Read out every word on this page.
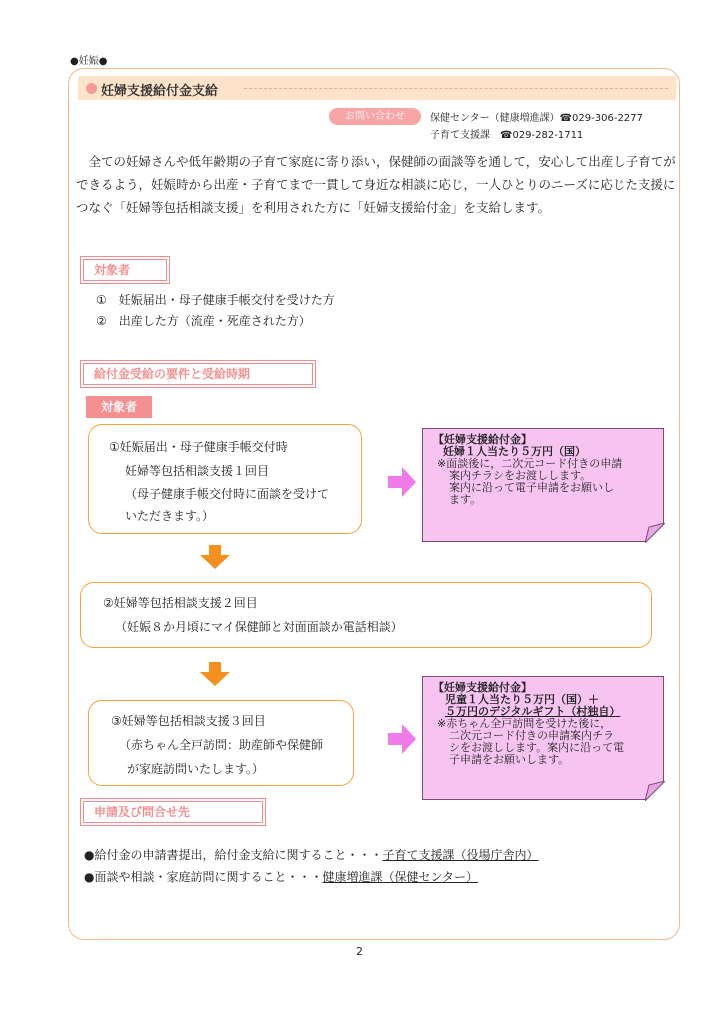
●妊娠●
妊婦支援給付金支給
お問い合わせ	保健センター（健康増進課）☎029-306-2277
子育て支援課　☎029-282-1711
全ての妊婦さんや低年齢期の子育て家庭に寄り添い，保健師の面談等を通して，安心して出産し子育てができるよう，妊娠時から出産・子育てまで一貫して身近な相談に応じ，一人ひとりのニーズに応じた支援につなぐ「妊婦等包括相談支援」を利用された方に「妊婦支援給付金」を支給します。
対象者
①　妊娠届出・母子健康手帳交付を受けた方
②　出産した方（流産・死産された方）
給付金受給の要件と受給時期
対象者
①妊娠届出・母子健康手帳交付時
妊婦等包括相談支援１回目
（母子健康手帳交付時に面談を受けて
いただきます。）
【妊婦支援給付金】
妊婦１人当たり５万円（国）
※面談後に，二次元コード付きの申請
案内チラシをお渡しします。
案内に沿って電子申請をお願いし
ます。
②妊婦等包括相談支援２回目
（妊娠８か月頃にマイ保健師と対面面談か電話相談）
③妊婦等包括相談支援３回目
（赤ちゃん全戸訪問：助産師や保健師
が家庭訪問いたします。）
【妊婦支援給付金】
児童１人当たり５万円（国）＋
５万円のデジタルギフト（村独自）
※赤ちゃん全戸訪問を受けた後に，
二次元コード付きの申請案内チラ
シをお渡しします。案内に沿って電
子申請をお願いします。
申請及び問合せ先
●給付金の申請書提出，給付金支給に関すること・・・子育て支援課（役場庁舎内）
●面談や相談・家庭訪問に関すること・・・健康増進課（保健センター）
2
